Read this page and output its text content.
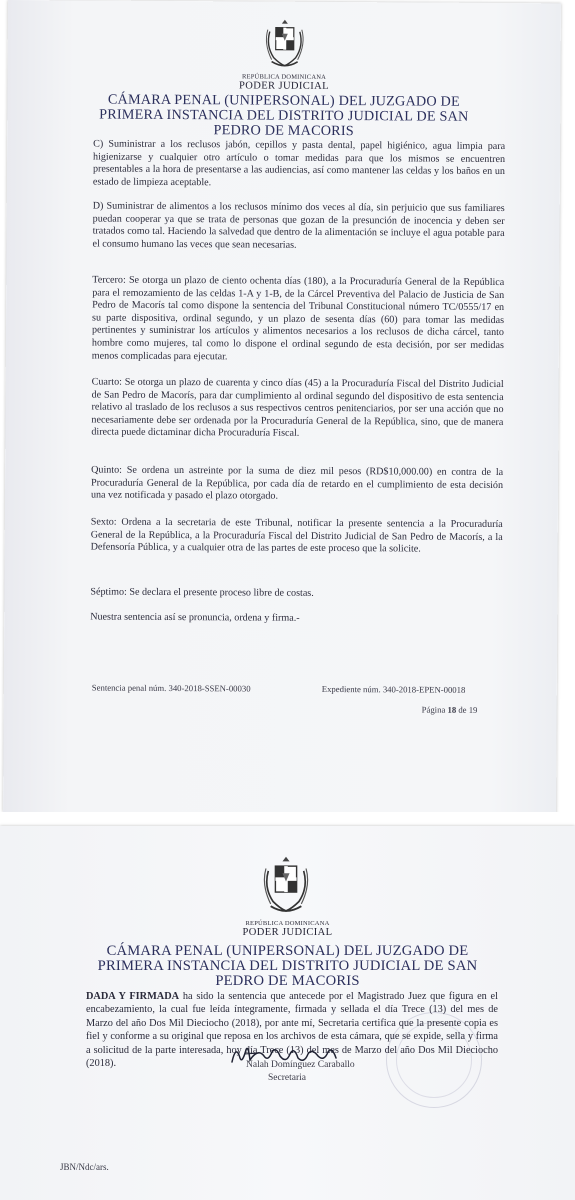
REPÚBLICA DOMINICANA
PODER JUDICIAL
CÁMARA PENAL (UNIPERSONAL) DEL JUZGADO DE
PRIMERA INSTANCIA DEL DISTRITO JUDICIAL DE SAN
PEDRO DE MACORIS
C) Suministrar a los reclusos jabón, cepillos y pasta dental, papel higiénico, agua limpia para higienizarse y cualquier otro artículo o tomar medidas para que los mismos se encuentren presentables a la hora de presentarse a las audiencias, así como mantener las celdas y los baños en un estado de limpieza aceptable.
D) Suministrar de alimentos a los reclusos mínimo dos veces al día, sin perjuicio que sus familiares puedan cooperar ya que se trata de personas que gozan de la presunción de inocencia y deben ser tratados como tal. Haciendo la salvedad que dentro de la alimentación se incluye el agua potable para el consumo humano las veces que sean necesarias.
Tercero: Se otorga un plazo de ciento ochenta días (180), a la Procuraduría General de la República para el remozamiento de las celdas 1-A y 1-B, de la Cárcel Preventiva del Palacio de Justicia de San Pedro de Macorís tal como dispone la sentencia del Tribunal Constitucional número TC/0555/17 en su parte dispositiva, ordinal segundo, y un plazo de sesenta días (60) para tomar las medidas pertinentes y suministrar los artículos y alimentos necesarios a los reclusos de dicha cárcel, tanto hombre como mujeres, tal como lo dispone el ordinal segundo de esta decisión, por ser medidas menos complicadas para ejecutar.
Cuarto: Se otorga un plazo de cuarenta y cinco días (45) a la Procuraduría Fiscal del Distrito Judicial de San Pedro de Macorís, para dar cumplimiento al ordinal segundo del dispositivo de esta sentencia relativo al traslado de los reclusos a sus respectivos centros penitenciarios, por ser una acción que no necesariamente debe ser ordenada por la Procuraduría General de la República, sino, que de manera directa puede dictaminar dicha Procuraduría Fiscal.
Quinto: Se ordena un astreinte por la suma de diez mil pesos (RD$10,000.00) en contra de la Procuraduría General de la República, por cada día de retardo en el cumplimiento de esta decisión una vez notificada y pasado el plazo otorgado.
Sexto: Ordena a la secretaria de este Tribunal, notificar la presente sentencia a la Procuraduría General de la República, a la Procuraduría Fiscal del Distrito Judicial de San Pedro de Macorís, a la Defensoría Pública, y a cualquier otra de las partes de este proceso que la solicite.
Séptimo: Se declara el presente proceso libre de costas.
Nuestra sentencia así se pronuncia, ordena y firma.-
Sentencia penal núm. 340-2018-SSEN-00030	Expediente núm. 340-2018-EPEN-00018
Página 18 de 19
REPÚBLICA DOMINICANA
PODER JUDICIAL
CÁMARA PENAL (UNIPERSONAL) DEL JUZGADO DE
PRIMERA INSTANCIA DEL DISTRITO JUDICIAL DE SAN
PEDRO DE MACORIS
DADA Y FIRMADA ha sido la sentencia que antecede por el Magistrado Juez que figura en el encabezamiento, la cual fue leída íntegramente, firmada y sellada el día Trece (13) del mes de Marzo del año Dos Mil Dieciocho (2018), por ante mí, Secretaria certifica que la presente copia es fiel y conforme a su original que reposa en los archivos de esta cámara, que se expide, sella y firma a solicitud de la parte interesada, hoy día Trece (13) del mes de Marzo del año Dos Mil Dieciocho (2018).	Nalah Domínguez Caraballo
Secretaria
JBN/Ndc/ars.
